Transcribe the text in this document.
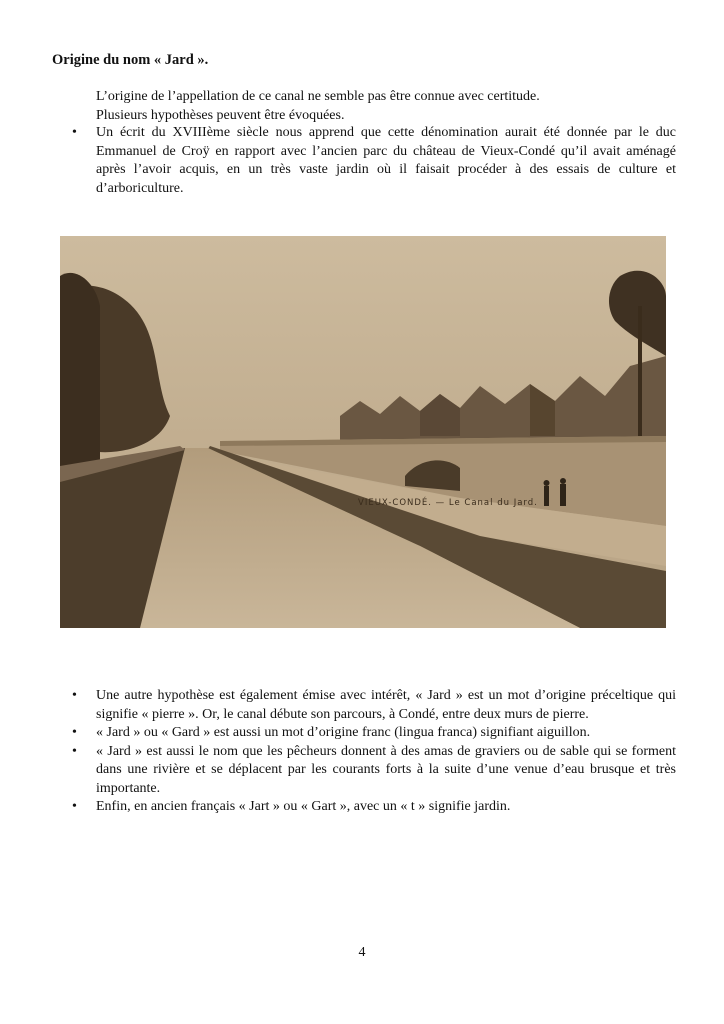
Origine du nom « Jard ».
L’origine de l’appellation de ce canal ne semble pas être connue avec certitude.
Plusieurs hypothèses peuvent être évoquées.
• Un écrit du XVIIIème siècle nous apprend que cette dénomination aurait été donnée par le duc Emmanuel de Croÿ en rapport avec l’ancien parc du château de Vieux-Condé qu’il avait aménagé après l’avoir acquis, en un très vaste jardin où il faisait procéder à des essais de culture et d’arboriculture.
VIEUX-CONDÉ. — Le Canal du Jard.
• Une autre hypothèse est également émise avec intérêt, « Jard » est un mot d’origine préceltique qui signifie « pierre ». Or, le canal débute son parcours, à Condé, entre deux murs de pierre.
• « Jard » ou « Gard » est aussi un mot d’origine franc (lingua franca) signifiant aiguillon.
• « Jard » est aussi le nom que les pêcheurs donnent à des amas de graviers ou de sable qui se forment dans une rivière et se déplacent par les courants forts à la suite d’une venue d’eau brusque et très importante.
• Enfin, en ancien français « Jart » ou « Gart », avec un « t » signifie jardin.
4
